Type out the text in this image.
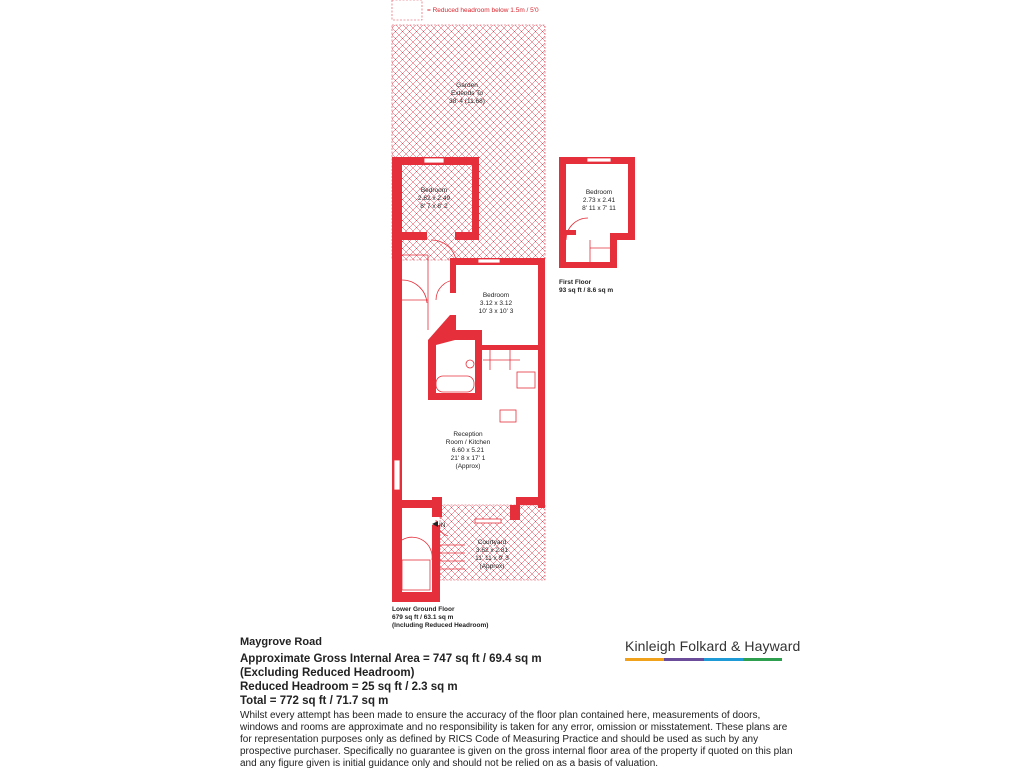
= Reduced headroom below 1.5m / 5'0
Garden
Extends To
38' 4 (11.68)
Bedroom
2.62 x 2.49
8' 7 x 8' 2
Bedroom
3.12 x 3.12
10' 3 x 10' 3
Bedroom
2.73 x 2.41
8' 11 x 7' 11
Reception
Room / Kitchen
6.60 x 5.21
21' 8 x 17' 1
(Approx)
Courtyard
3.62 x 2.81
11' 11 x 9' 3
(Approx)
IN
Lower Ground Floor
679 sq ft / 63.1 sq m
(Including Reduced Headroom)
First Floor
93 sq ft / 8.6 sq m

Maygrove Road

Approximate Gross Internal Area = 747 sq ft / 69.4 sq m

(Excluding Reduced Headroom)

Reduced Headroom = 25 sq ft / 2.3 sq m

Total = 772 sq ft / 71.7 sq m

Whilst every attempt has been made to ensure the accuracy of the floor plan contained here, measurements of doors, windows and rooms are approximate and no responsibility is taken for any error, omission or misstatement. These plans are for representation purposes only as defined by RICS Code of Measuring Practice and should be used as such by any prospective purchaser. Specifically no guarantee is given on the gross internal floor area of the property if quoted on this plan and any figure given is initial guidance only and should not be relied on as a basis of valuation.

Kinleigh Folkard & Hayward
